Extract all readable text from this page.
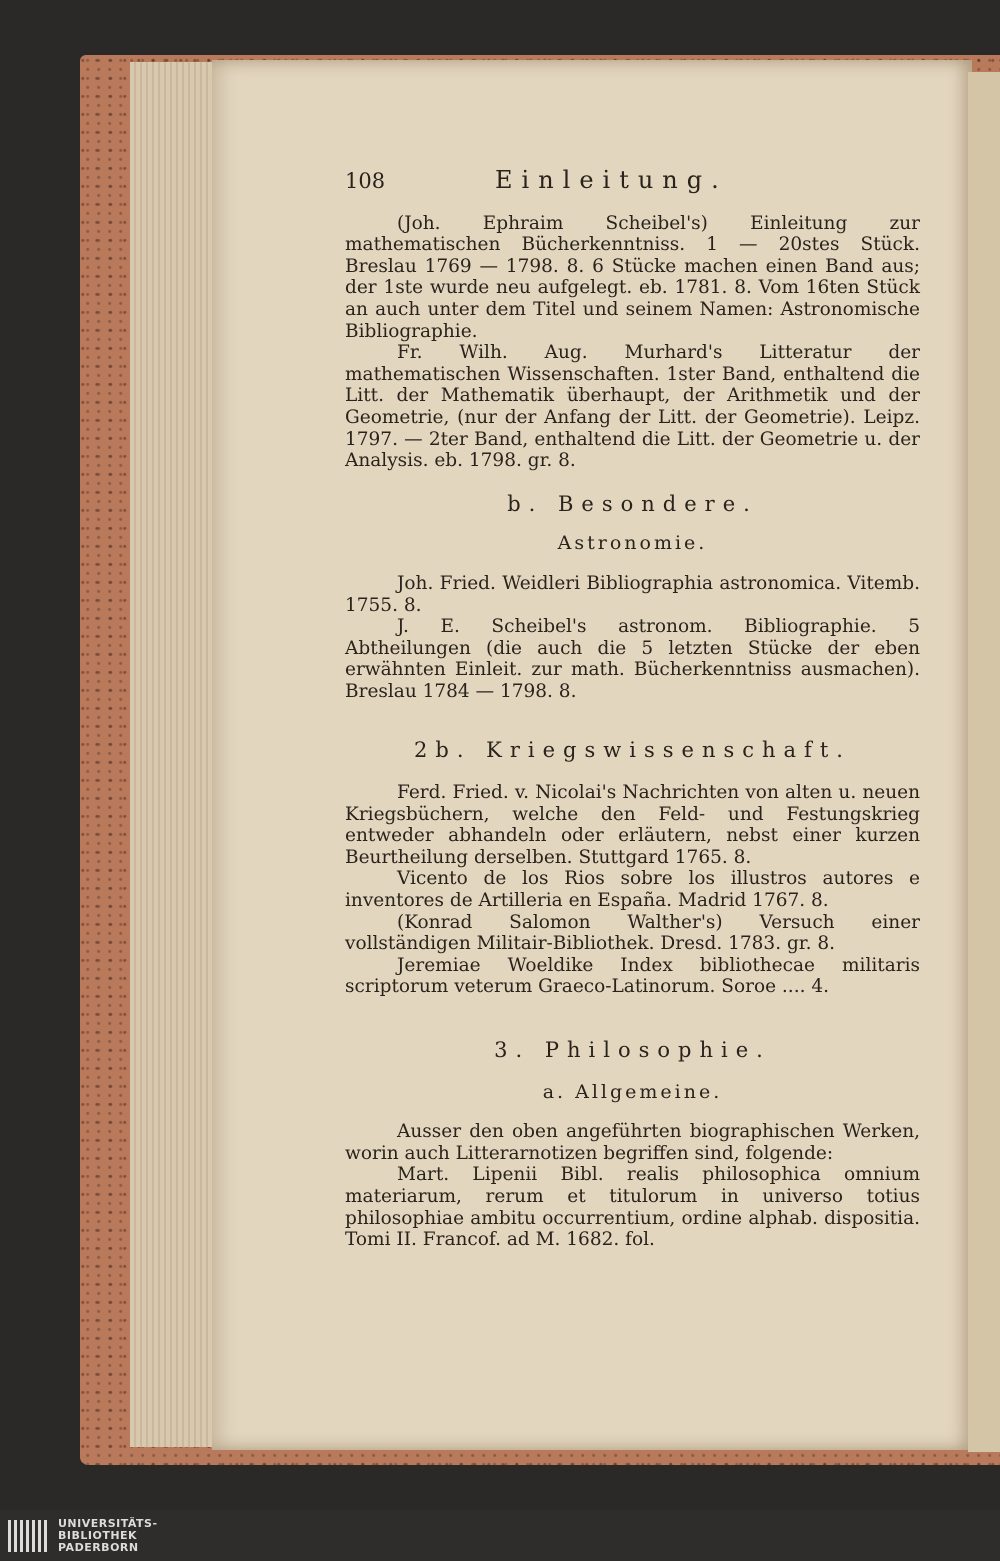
108	Einleitung.

(Joh. Ephraim Scheibel's) Einleitung zur mathematischen Bücherkenntniss. 1 — 20stes Stück. Breslau 1769 — 1798. 8. 6 Stücke machen einen Band aus; der 1ste wurde neu aufgelegt. eb. 1781. 8. Vom 16ten Stück an auch unter dem Titel und seinem Namen: Astronomische Bibliographie.

Fr. Wilh. Aug. Murhard's Litteratur der mathematischen Wissenschaften. 1ster Band, enthaltend die Litt. der Mathematik überhaupt, der Arithmetik und der Geometrie, (nur der Anfang der Litt. der Geometrie). Leipz. 1797. — 2ter Band, enthaltend die Litt. der Geometrie u. der Analysis. eb. 1798. gr. 8.

b. Besondere.
Astronomie.

Joh. Fried. Weidleri Bibliographia astronomica. Vitemb. 1755. 8.

J. E. Scheibel's astronom. Bibliographie. 5 Abtheilungen (die auch die 5 letzten Stücke der eben erwähnten Einleit. zur math. Bücherkenntniss ausmachen). Breslau 1784 — 1798. 8.

2b. Kriegswissenschaft.

Ferd. Fried. v. Nicolai's Nachrichten von alten u. neuen Kriegsbüchern, welche den Feld- und Festungskrieg entweder abhandeln oder erläutern, nebst einer kurzen Beurtheilung derselben. Stuttgard 1765. 8.

Vicento de los Rios sobre los illustros autores e inventores de Artilleria en España. Madrid 1767. 8.

(Konrad Salomon Walther's) Versuch einer vollständigen Militair-Bibliothek. Dresd. 1783. gr. 8.

Jeremiae Woeldike Index bibliothecae militaris scriptorum veterum Graeco-Latinorum. Soroe .... 4.

3. Philosophie.
a. Allgemeine.

Ausser den oben angeführten biographischen Werken, worin auch Litterarnotizen begriffen sind, folgende:

Mart. Lipenii Bibl. realis philosophica omnium materiarum, rerum et titulorum in universo totius philosophiae ambitu occurrentium, ordine alphab. dispositia. Tomi II. Francof. ad M. 1682. fol.

UNIVERSITÄTS-
BIBLIOTHEK
PADERBORN
